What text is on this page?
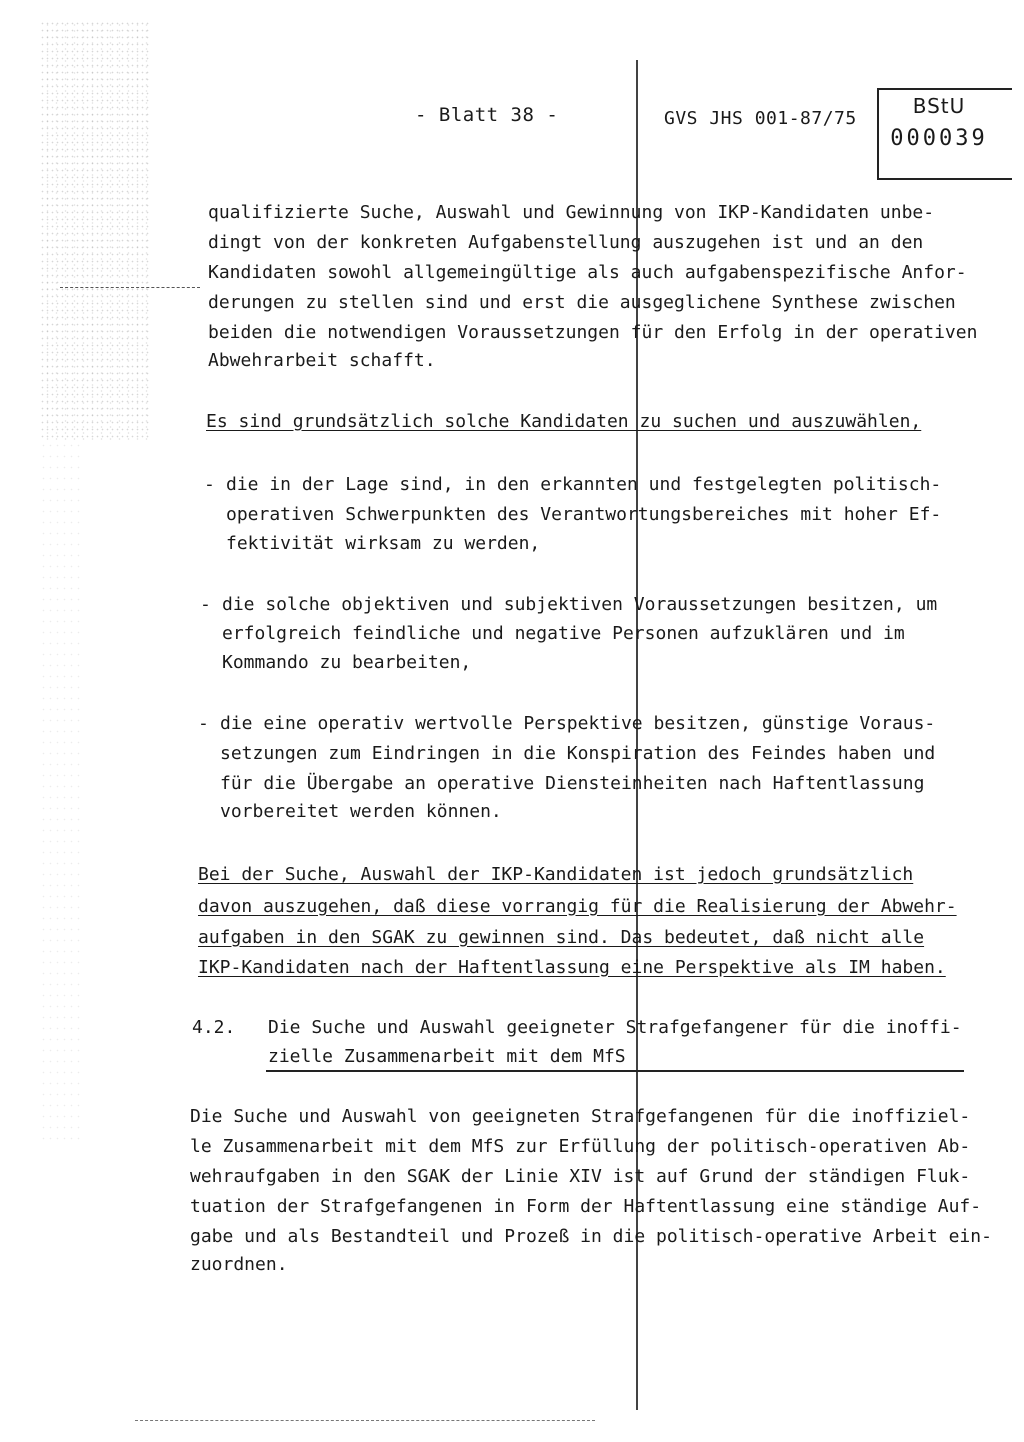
- Blatt 38 -	GVS JHS 001-87/75
BStU
000039
qualifizierte Suche, Auswahl und Gewinnung von IKP-Kandidaten unbe-
dingt von der konkreten Aufgabenstellung auszugehen ist und an den
Kandidaten sowohl allgemeingültige als auch aufgabenspezifische Anfor-
derungen zu stellen sind und erst die ausgeglichene Synthese zwischen
beiden die notwendigen Voraussetzungen für den Erfolg in der operativen
Abwehrarbeit schafft.
Es sind grundsätzlich solche Kandidaten zu suchen und auszuwählen,
- die in der Lage sind, in den erkannten und festgelegten politisch-
operativen Schwerpunkten des Verantwortungsbereiches mit hoher Ef-
fektivität wirksam zu werden,
- die solche objektiven und subjektiven Voraussetzungen besitzen, um
erfolgreich feindliche und negative Personen aufzuklären und im
Kommando zu bearbeiten,
- die eine operativ wertvolle Perspektive besitzen, günstige Voraus-
setzungen zum Eindringen in die Konspiration des Feindes haben und
für die Übergabe an operative Diensteinheiten nach Haftentlassung
vorbereitet werden können.
Bei der Suche, Auswahl der IKP-Kandidaten ist jedoch grundsätzlich
davon auszugehen, daß diese vorrangig für die Realisierung der Abwehr-
aufgaben in den SGAK zu gewinnen sind. Das bedeutet, daß nicht alle
IKP-Kandidaten nach der Haftentlassung eine Perspektive als IM haben.
4.2. Die Suche und Auswahl geeigneter Strafgefangener für die inoffi-
zielle Zusammenarbeit mit dem MfS
Die Suche und Auswahl von geeigneten Strafgefangenen für die inoffiziel-
le Zusammenarbeit mit dem MfS zur Erfüllung der politisch-operativen Ab-
wehraufgaben in den SGAK der Linie XIV ist auf Grund der ständigen Fluk-
tuation der Strafgefangenen in Form der Haftentlassung eine ständige Auf-
gabe und als Bestandteil und Prozeß in die politisch-operative Arbeit ein-
zuordnen.
